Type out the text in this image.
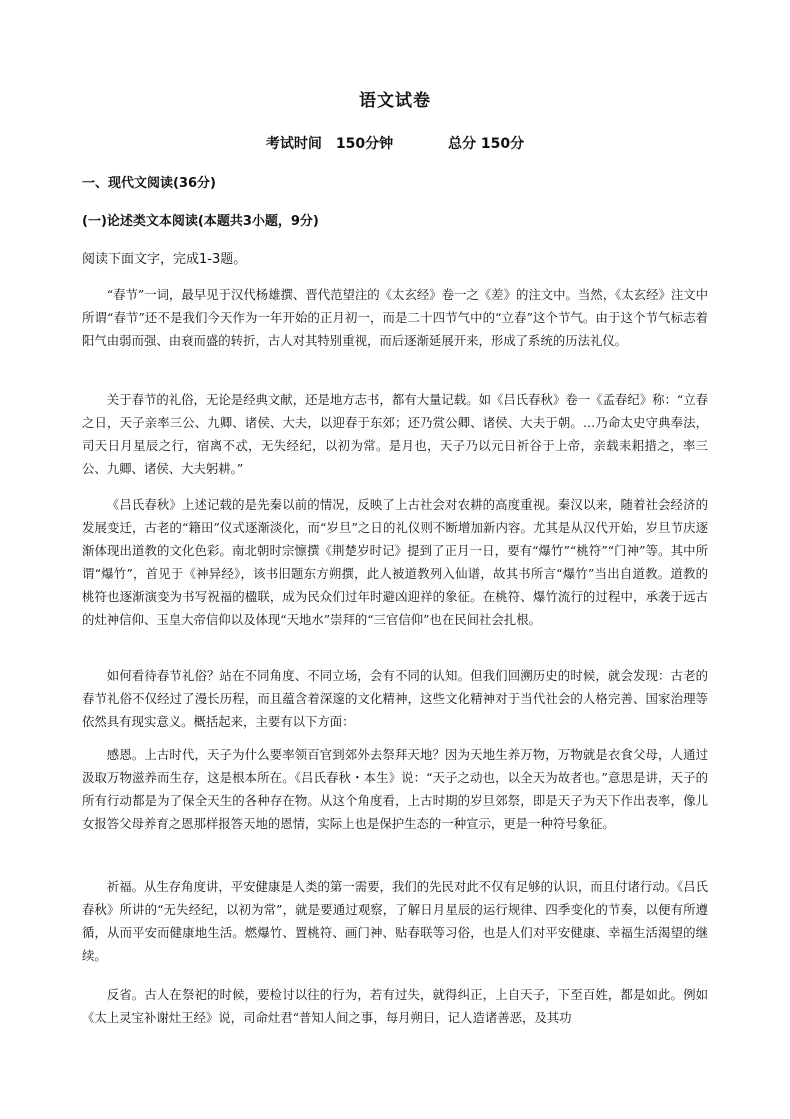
语文试卷
考试时间　150分钟	总分 150分
一、现代文阅读(36分)
(一)论述类文本阅读(本题共3小题，9分)
阅读下面文字，完成1-3题。

“春节”一词，最早见于汉代杨雄撰、晋代范望注的《太玄经》卷一之《差》的注文中。当然，《太玄经》注文中所谓“春节”还不是我们今天作为一年开始的正月初一，而是二十四节气中的“立春”这个节气。由于这个节气标志着阳气由弱而强、由衰而盛的转折，古人对其特别重视，而后逐渐延展开来，形成了系统的历法礼仪。

关于春节的礼俗，无论是经典文献，还是地方志书，都有大量记载。如《吕氏春秋》卷一《孟春纪》称：“立春之日，天子亲率三公、九卿、诸侯、大夫，以迎春于东郊；还乃赏公卿、诸侯、大夫于朝。…乃命太史守典奉法，司天日月星辰之行，宿离不忒，无失经纪，以初为常。是月也，天子乃以元日祈谷于上帝，亲载耒耜措之，率三公、九卿、诸侯、大夫躬耕。”

《吕氏春秋》上述记载的是先秦以前的情况，反映了上古社会对农耕的高度重视。秦汉以来，随着社会经济的发展变迁，古老的“籍田”仪式逐渐淡化，而“岁旦”之日的礼仪则不断增加新内容。尤其是从汉代开始，岁旦节庆逐渐体现出道教的文化色彩。南北朝时宗懔撰《荆楚岁时记》提到了正月一日，要有“爆竹”“桃符”“门神”等。其中所谓“爆竹”，首见于《神异经》，该书旧题东方朔撰，此人被道教列入仙谱，故其书所言“爆竹”当出自道教。道教的桃符也逐渐演变为书写祝福的楹联，成为民众们过年时避凶迎祥的象征。在桃符、爆竹流行的过程中，承袭于远古的灶神信仰、玉皇大帝信仰以及体现“天地水”崇拜的“三官信仰”也在民间社会扎根。

如何看待春节礼俗？站在不同角度、不同立场，会有不同的认知。但我们回溯历史的时候，就会发现：古老的春节礼俗不仅经过了漫长历程，而且蕴含着深邃的文化精神，这些文化精神对于当代社会的人格完善、国家治理等依然具有现实意义。概括起来，主要有以下方面：

感恩。上古时代，天子为什么要率领百官到郊外去祭拜天地？因为天地生养万物，万物就是衣食父母，人通过汲取万物滋养而生存，这是根本所在。《吕氏春秋・本生》说：“天子之动也，以全天为故者也。”意思是讲，天子的所有行动都是为了保全天生的各种存在物。从这个角度看，上古时期的岁旦郊祭，即是天子为天下作出表率，像儿女报答父母养育之恩那样报答天地的恩情，实际上也是保护生态的一种宣示，更是一种符号象征。

祈福。从生存角度讲，平安健康是人类的第一需要，我们的先民对此不仅有足够的认识，而且付诸行动。《吕氏春秋》所讲的“无失经纪，以初为常”，就是要通过观察，了解日月星辰的运行规律、四季变化的节奏，以便有所遵循，从而平安而健康地生活。燃爆竹、置桃符、画门神、贴春联等习俗，也是人们对平安健康、幸福生活渴望的继续。

反省。古人在祭祀的时候，要检讨以往的行为，若有过失，就得纠正，上自天子，下至百姓，都是如此。例如《太上灵宝补谢灶王经》说，司命灶君“普知人间之事，每月朔日，记人造诸善恶，及其功
